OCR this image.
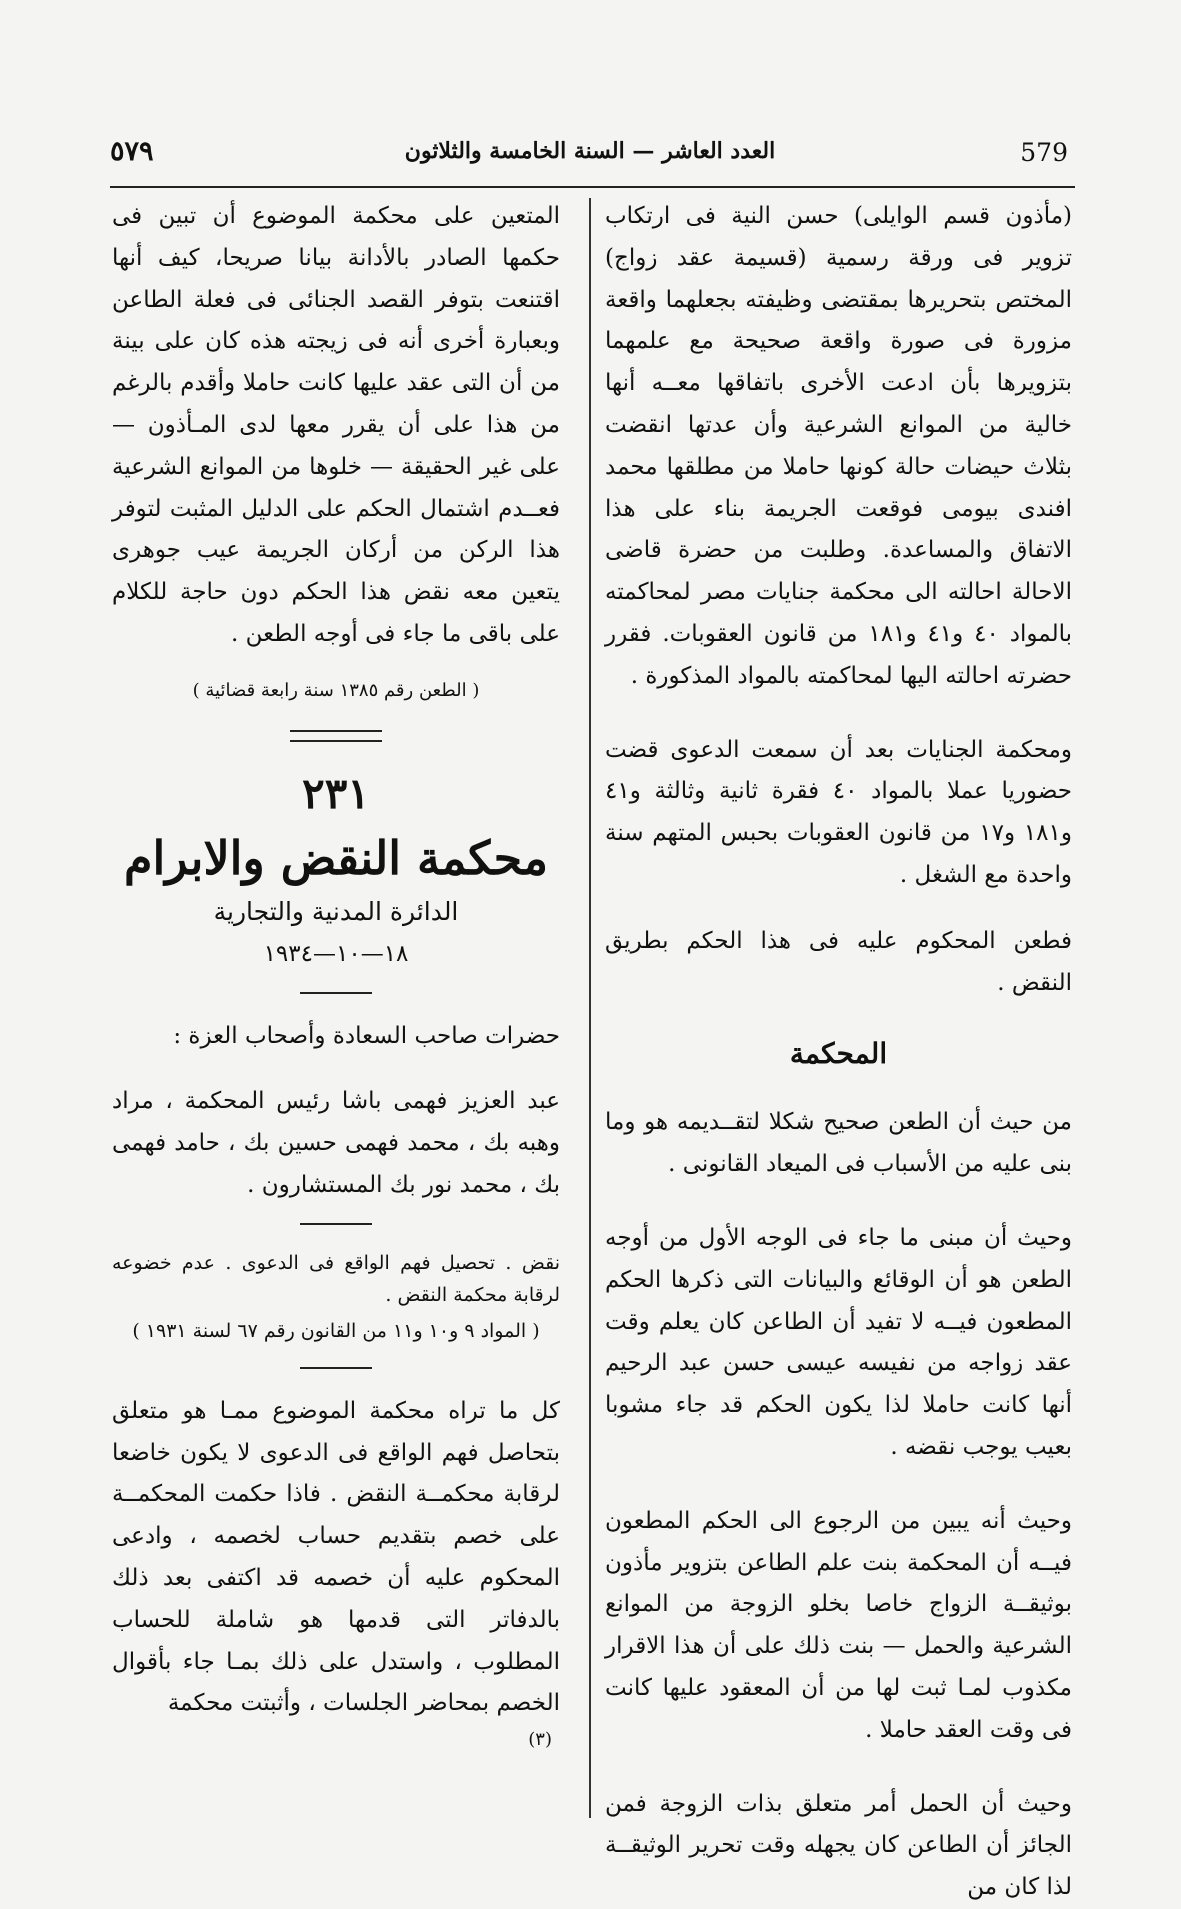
٥٧٩	العدد العاشر — السنة الخامسة والثلاثون	579

(مأذون قسم الوايلى) حسن النية فى ارتكاب تزوير فى ورقة رسمية (قسيمة عقد زواج) المختص بتحريرها بمقتضى وظيفته بجعلهما واقعة مزورة فى صورة واقعة صحيحة مع علمهما بتزويرها بأن ادعت الأخرى باتفاقها معــه أنها خالية من الموانع الشرعية وأن عدتها انقضت بثلاث حيضات حالة كونها حاملا من مطلقها محمد افندى بيومى فوقعت الجريمة بناء على هذا الاتفاق والمساعدة. وطلبت من حضرة قاضى الاحالة احالته الى محكمة جنايات مصر لمحاكمته بالمواد ٤٠ و٤١ و١٨١ من قانون العقوبات. فقرر حضرته احالته اليها لمحاكمته بالمواد المذكورة .

ومحكمة الجنايات بعد أن سمعت الدعوى قضت حضوريا عملا بالمواد ٤٠ فقرة ثانية وثالثة و٤١ و١٨١ و١٧ من قانون العقوبات بحبس المتهم سنة واحدة مع الشغل .

فطعن المحكوم عليه فى هذا الحكم بطريق النقض .

المحكمة

من حيث أن الطعن صحيح شكلا لتقــديمه هو وما بنى عليه من الأسباب فى الميعاد القانونى .

وحيث أن مبنى ما جاء فى الوجه الأول من أوجه الطعن هو أن الوقائع والبيانات التى ذكرها الحكم المطعون فيــه لا تفيد أن الطاعن كان يعلم وقت عقد زواجه من نفيسه عيسى حسن عبد الرحيم أنها كانت حاملا لذا يكون الحكم قد جاء مشوبا بعيب يوجب نقضه .

وحيث أنه يبين من الرجوع الى الحكم المطعون فيــه أن المحكمة بنت علم الطاعن بتزوير مأذون بوثيقــة الزواج خاصا بخلو الزوجة من الموانع الشرعية والحمل — بنت ذلك على أن هذا الاقرار مكذوب لمـا ثبت لها من أن المعقود عليها كانت فى وقت العقد حاملا .

وحيث أن الحمل أمر متعلق بذات الزوجة فمن الجائز أن الطاعن كان يجهله وقت تحرير الوثيقــة لذا كان من

المتعين على محكمة الموضوع أن تبين فى حكمها الصادر بالأدانة بيانا صريحا، كيف أنها اقتنعت بتوفر القصد الجنائى فى فعلة الطاعن وبعبارة أخرى أنه فى زيجته هذه كان على بينة من أن التى عقد عليها كانت حاملا وأقدم بالرغم من هذا على أن يقرر معها لدى المـأذون — على غير الحقيقة — خلوها من الموانع الشرعية فعــدم اشتمال الحكم على الدليل المثبت لتوفر هذا الركن من أركان الجريمة عيب جوهرى يتعين معه نقض هذا الحكم دون حاجة للكلام على باقى ما جاء فى أوجه الطعن .

( الطعن رقم ١٣٨٥ سنة رابعة قضائية )
٢٣١
محكمة النقض والابرام
الدائرة المدنية والتجارية
١٨—١٠—١٩٣٤

حضرات صاحب السعادة وأصحاب العزة :

عبد العزيز فهمى باشا رئيس المحكمة ، مراد وهبه بك ، محمد فهمى حسين بك ، حامد فهمى بك ، محمد نور بك المستشارون .

نقض . تحصيل فهم الواقع فى الدعوى . عدم خضوعه لرقابة محكمة النقض .

( المواد ٩ و١٠ و١١ من القانون رقم ٦٧ لسنة ١٩٣١ )

كل ما تراه محكمة الموضوع ممـا هو متعلق بتحاصل فهم الواقع فى الدعوى لا يكون خاضعا لرقابة محكمــة النقض . فاذا حكمت المحكمــة على خصم بتقديم حساب لخصمه ، وادعى المحكوم عليه أن خصمه قد اكتفى بعد ذلك بالدفاتر التى قدمها هو شاملة للحساب المطلوب ، واستدل على ذلك بمـا جاء بأقوال الخصم بمحاضر الجلسات ، وأثبتت محكمة

(٣)
